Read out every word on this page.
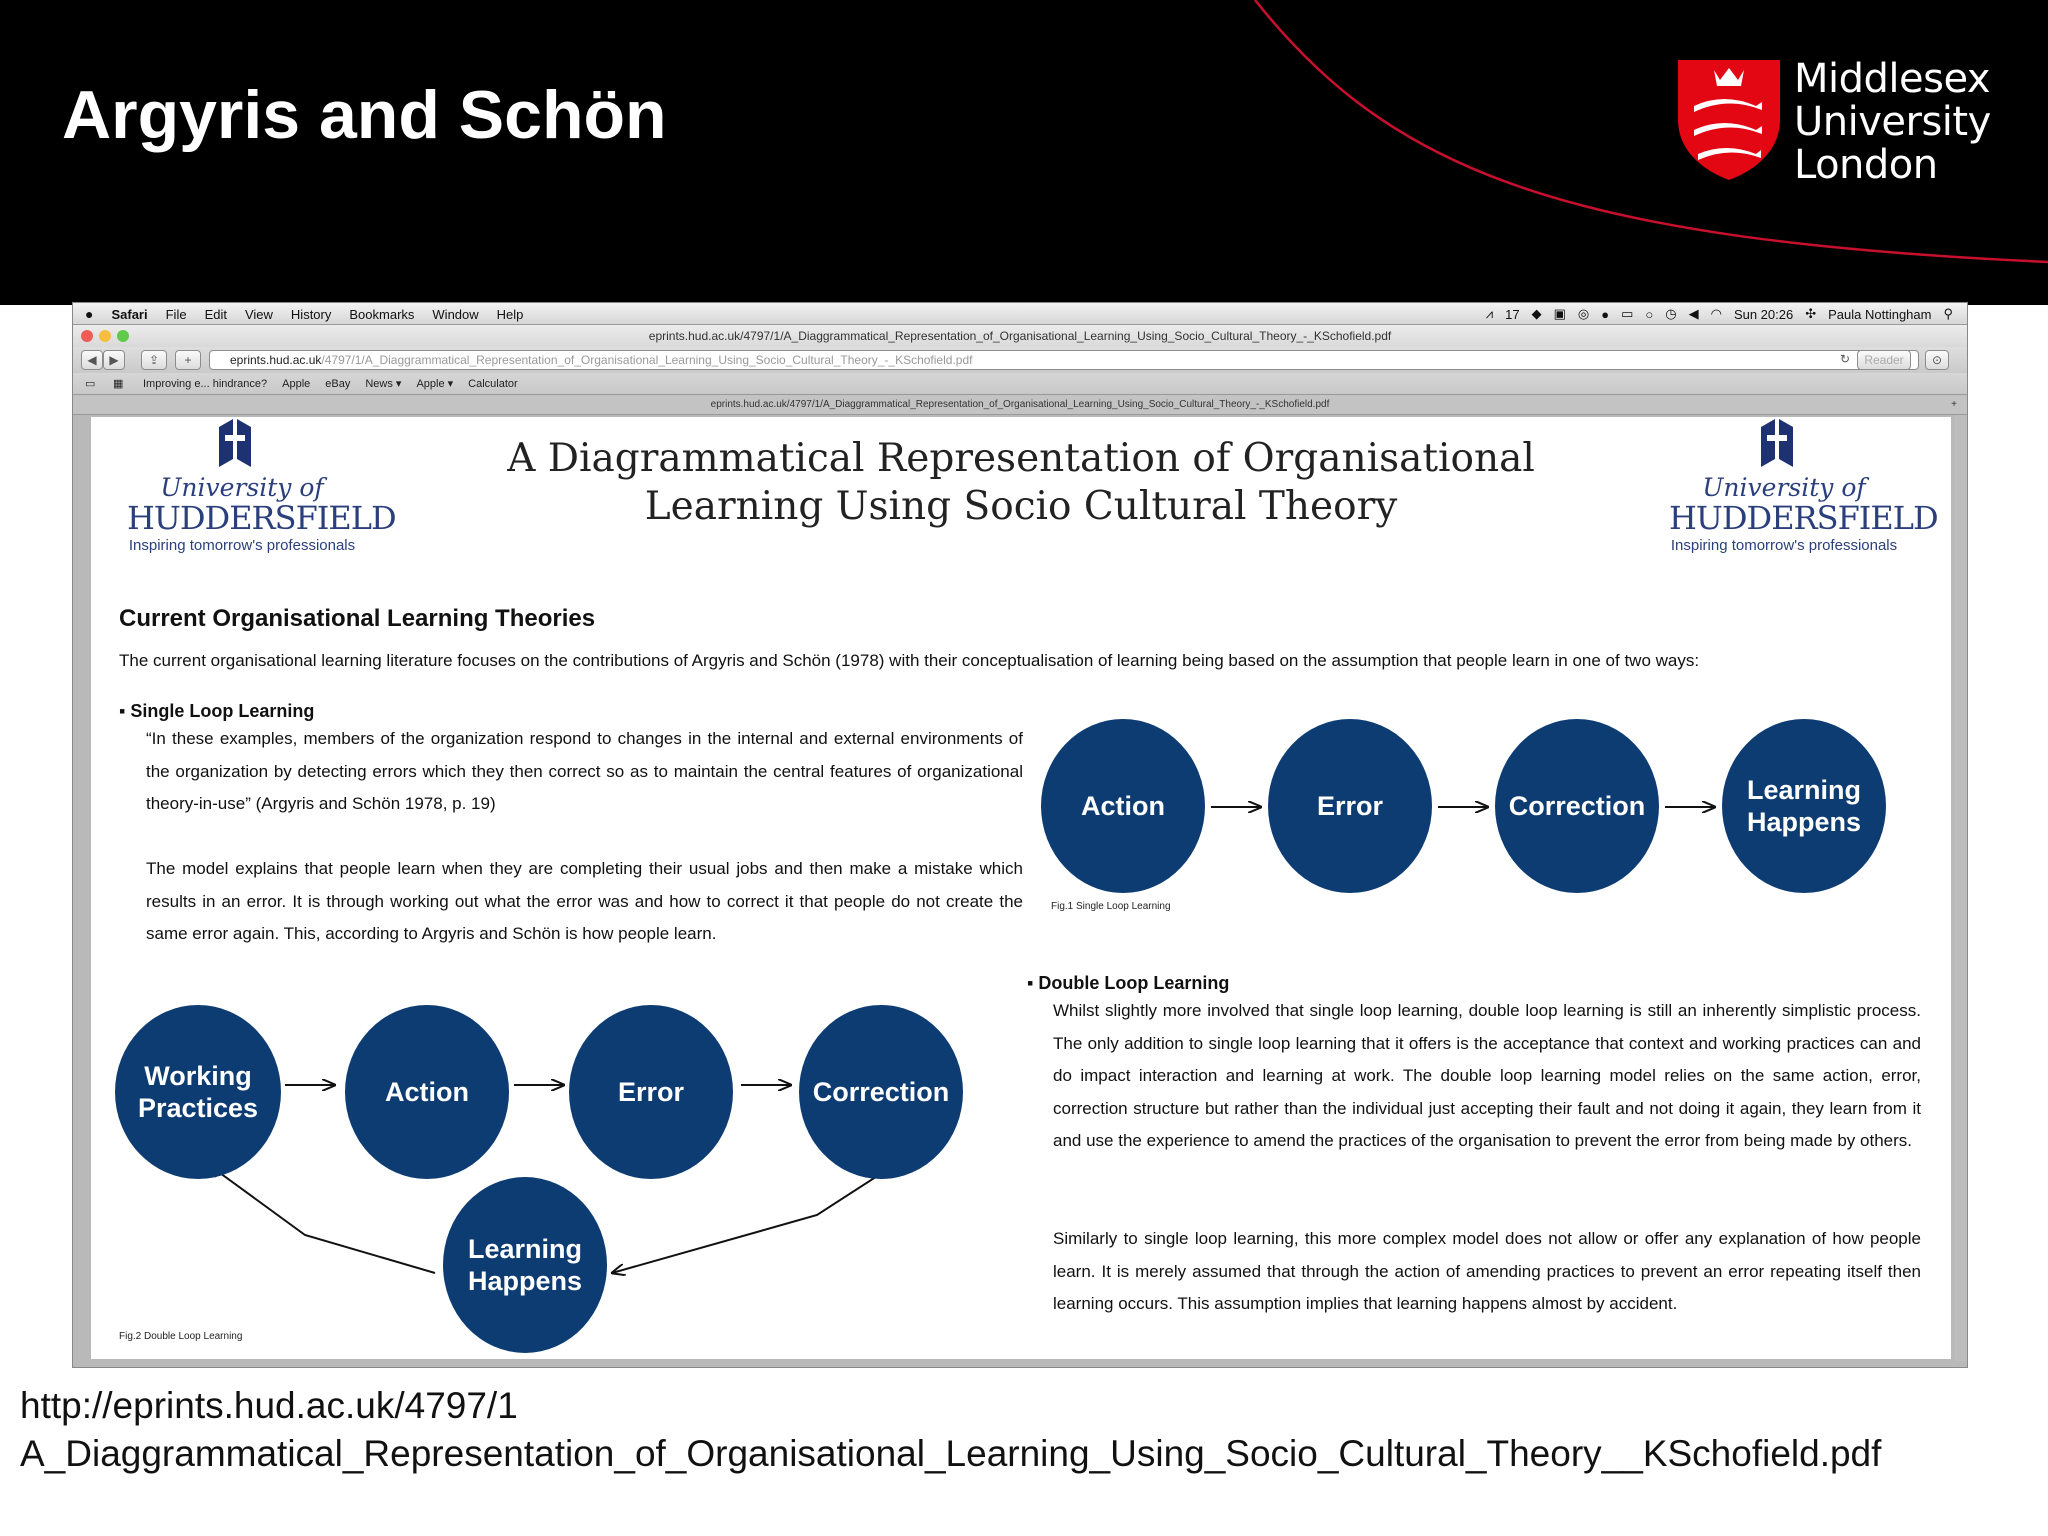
Argyris and Schön	Middlesex
University
London
● Safari File Edit View History Bookmarks Window Help	⩘ 17 ◆ ▣ ◎ ● ▭ ○ ◷ ◀ ◠ Sun 20:26 ✣ Paula Nottingham ⚲
eprints.hud.ac.uk/4797/1/A_Diaggrammatical_Representation_of_Organisational_Learning_Using_Socio_Cultural_Theory_-_KSchofield.pdf
◀	▶	⇪	+	eprints.hud.ac.uk/4797/1/A_Diaggrammatical_Representation_of_Organisational_Learning_Using_Socio_Cultural_Theory_-_KSchofield.pdf	↻	Reader	⊙
▭ ▦ Improving e... hindrance? Apple eBay News ▾ Apple ▾ Calculator
eprints.hud.ac.uk/4797/1/A_Diaggrammatical_Representation_of_Organisational_Learning_Using_Socio_Cultural_Theory_-_KSchofield.pdf	+
University of
HUDDERSFIELD
Inspiring tomorrow's professionals
University of
HUDDERSFIELD
Inspiring tomorrow's professionals
A Diagrammatical Representation of Organisational
Learning Using Socio Cultural Theory
Current Organisational Learning Theories
The current organisational learning literature focuses on the contributions of Argyris and Schön (1978) with their conceptualisation of learning being based on the assumption that people learn in one of two ways:
▪ Single Loop Learning
“In these examples, members of the organization respond to changes in the internal and external environments of the organization by detecting errors which they then correct so as to maintain the central features of organizational theory-in-use” (Argyris and Schön 1978, p. 19)
The model explains that people learn when they are completing their usual jobs and then make a mistake which results in an error. It is through working out what the error was and how to correct it that people do not create the same error again. This, according to Argyris and Schön is how people learn.
Action	Error	Correction
Learning Happens
Fig.1 Single Loop Learning
Working Practices
Action	Error	Correction
Learning Happens
Fig.2 Double Loop Learning
▪ Double Loop Learning
Whilst slightly more involved that single loop learning, double loop learning is still an inherently simplistic process. The only addition to single loop learning that it offers is the acceptance that context and working practices can and do impact interaction and learning at work. The double loop learning model relies on the same action, error, correction structure but rather than the individual just accepting their fault and not doing it again, they learn from it and use the experience to amend the practices of the organisation to prevent the error from being made by others.
Similarly to single loop learning, this more complex model does not allow or offer any explanation of how people learn. It is merely assumed that through the action of amending practices to prevent an error repeating itself then learning occurs. This assumption implies that learning happens almost by accident.
http://eprints.hud.ac.uk/4797/1
A_Diaggrammatical_Representation_of_Organisational_Learning_Using_Socio_Cultural_Theory__KSchofield.pdf
